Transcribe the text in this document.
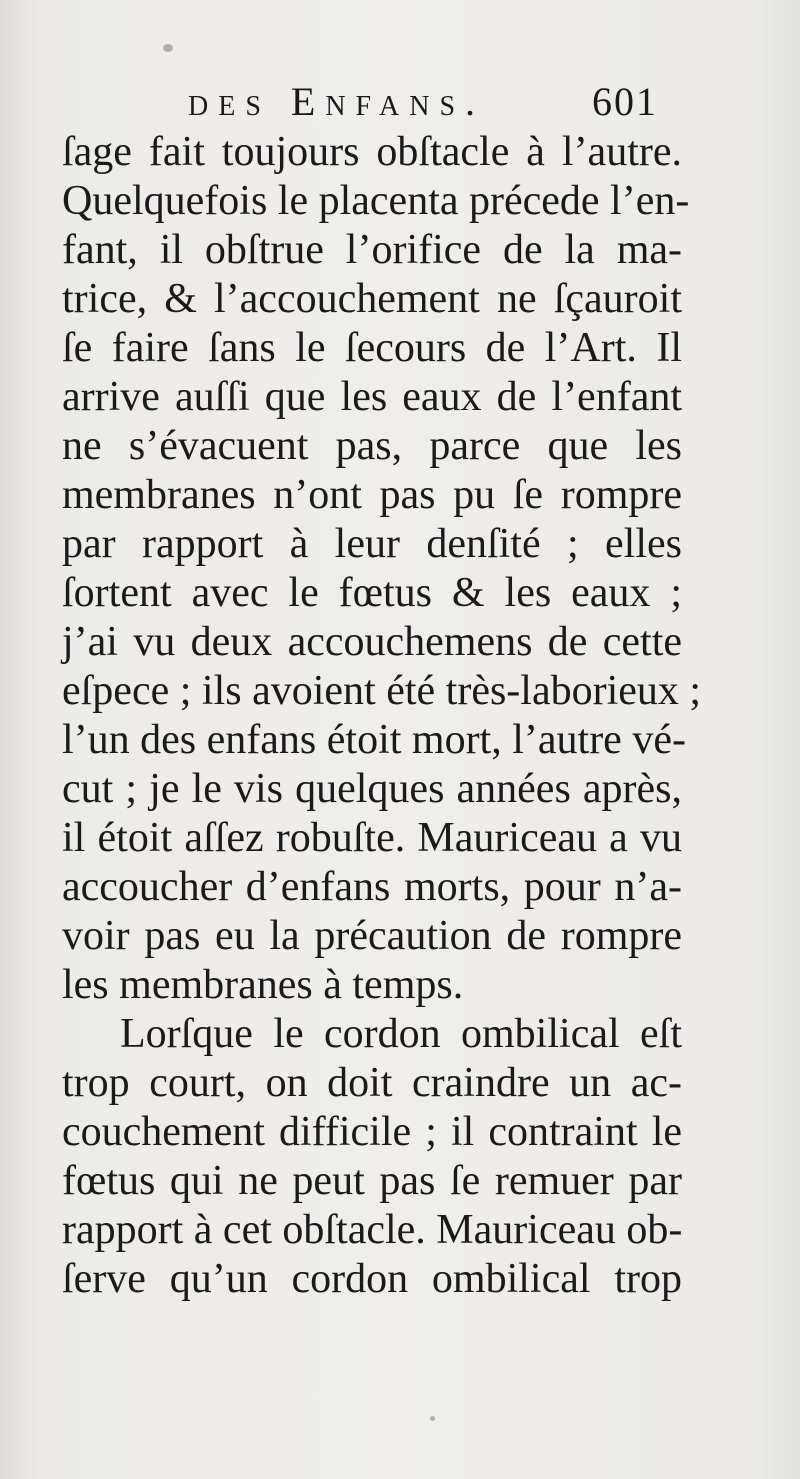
des Enfans.	601
ſage fait toujours obſtacle à l’autre.
Quelquefois le placenta précede l’en-
fant, il obſtrue l’orifice de la ma-
trice, & l’accouchement ne ſçauroit
ſe faire ſans le ſecours de l’Art. Il
arrive auſſi que les eaux de l’enfant
ne s’évacuent pas, parce que les
membranes n’ont pas pu ſe rompre
par rapport à leur denſité ; elles
ſortent avec le fœtus & les eaux ;
j’ai vu deux accouchemens de cette
eſpece ; ils avoient été très-laborieux ;
l’un des enfans étoit mort, l’autre vé-
cut ; je le vis quelques années après,
il étoit aſſez robuſte. Mauriceau a vu
accoucher d’enfans morts, pour n’a-
voir pas eu la précaution de rompre
les membranes à temps.
Lorſque le cordon ombilical eſt
trop court, on doit craindre un ac-
couchement difficile ; il contraint le
fœtus qui ne peut pas ſe remuer par
rapport à cet obſtacle. Mauriceau ob-
ſerve qu’un cordon ombilical trop
